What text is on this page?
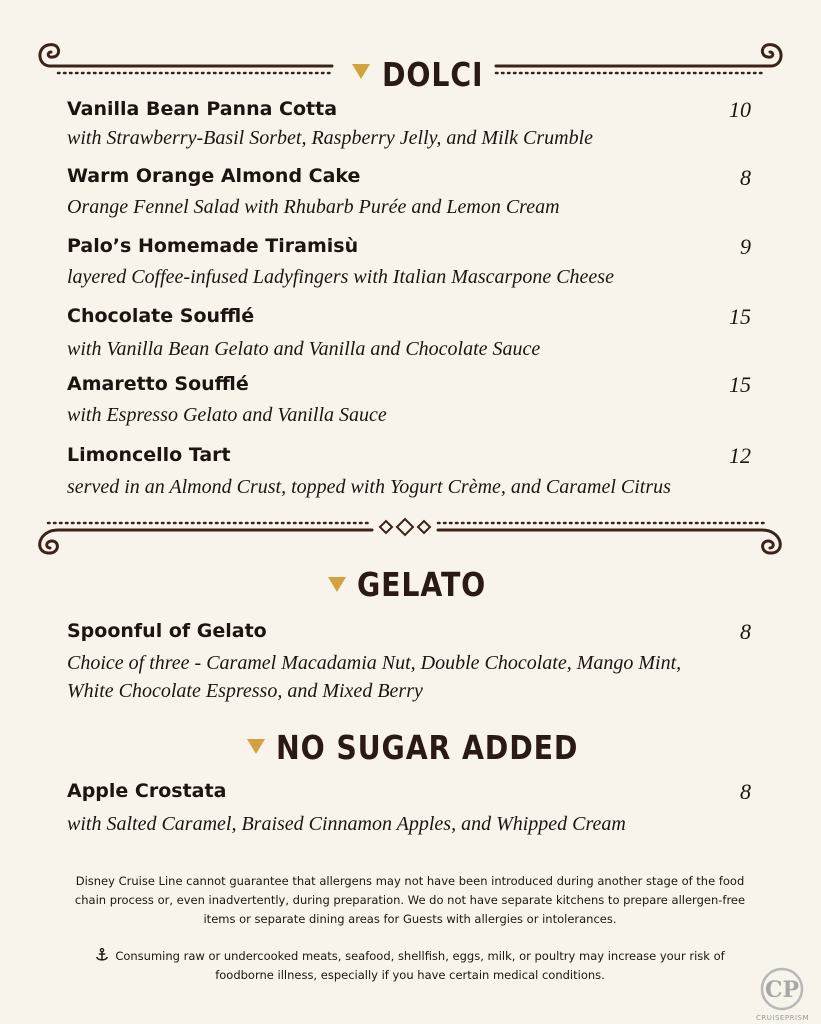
DOLCI
Vanilla Bean Panna Cotta	10
with Strawberry-Basil Sorbet, Raspberry Jelly, and Milk Crumble
Warm Orange Almond Cake	8
Orange Fennel Salad with Rhubarb Purée and Lemon Cream
Palo’s Homemade Tiramisù	9
layered Coffee-infused Ladyfingers with Italian Mascarpone Cheese
Chocolate Soufflé	15
with Vanilla Bean Gelato and Vanilla and Chocolate Sauce
Amaretto Soufflé	15
with Espresso Gelato and Vanilla Sauce
Limoncello Tart	12
served in an Almond Crust, topped with Yogurt Crème, and Caramel Citrus
GELATO
Spoonful of Gelato	8
Choice of three - Caramel Macadamia Nut, Double Chocolate, Mango Mint, White Chocolate Espresso, and Mixed Berry
NO SUGAR ADDED
Apple Crostata	8
with Salted Caramel, Braised Cinnamon Apples, and Whipped Cream
Disney Cruise Line cannot guarantee that allergens may not have been introduced during another stage of the food chain process or, even inadvertently, during preparation. We do not have separate kitchens to prepare allergen-free items or separate dining areas for Guests with allergies or intolerances.
Consuming raw or undercooked meats, seafood, shellfish, eggs, milk, or poultry may increase your risk of foodborne illness, especially if you have certain medical conditions.
CP
CRUISEPRISM
